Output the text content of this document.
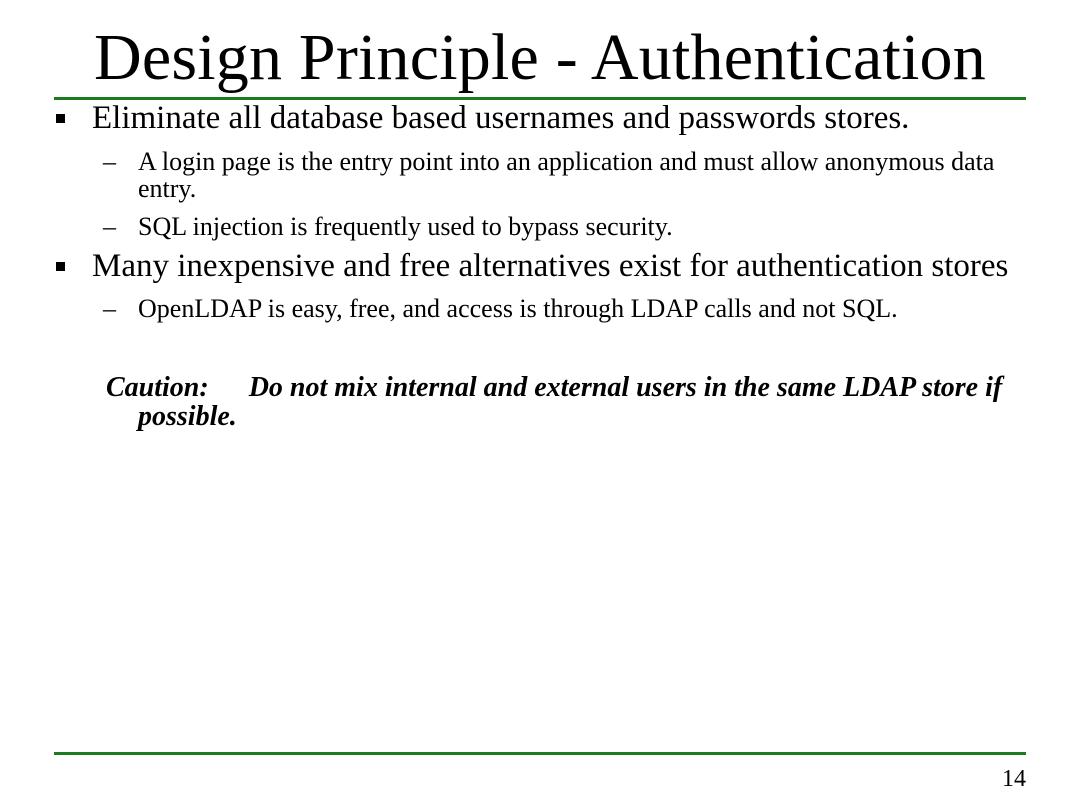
Design Principle - Authentication
Eliminate all database based usernames and passwords stores.
– A login page is the entry point into an application and must allow anonymous data entry.
– SQL injection is frequently used to bypass security.
Many inexpensive and free alternatives exist for authentication stores
– OpenLDAP is easy, free, and access is through LDAP calls and not SQL.
Caution: Do not mix internal and external users in the same LDAP store if possible.
14
